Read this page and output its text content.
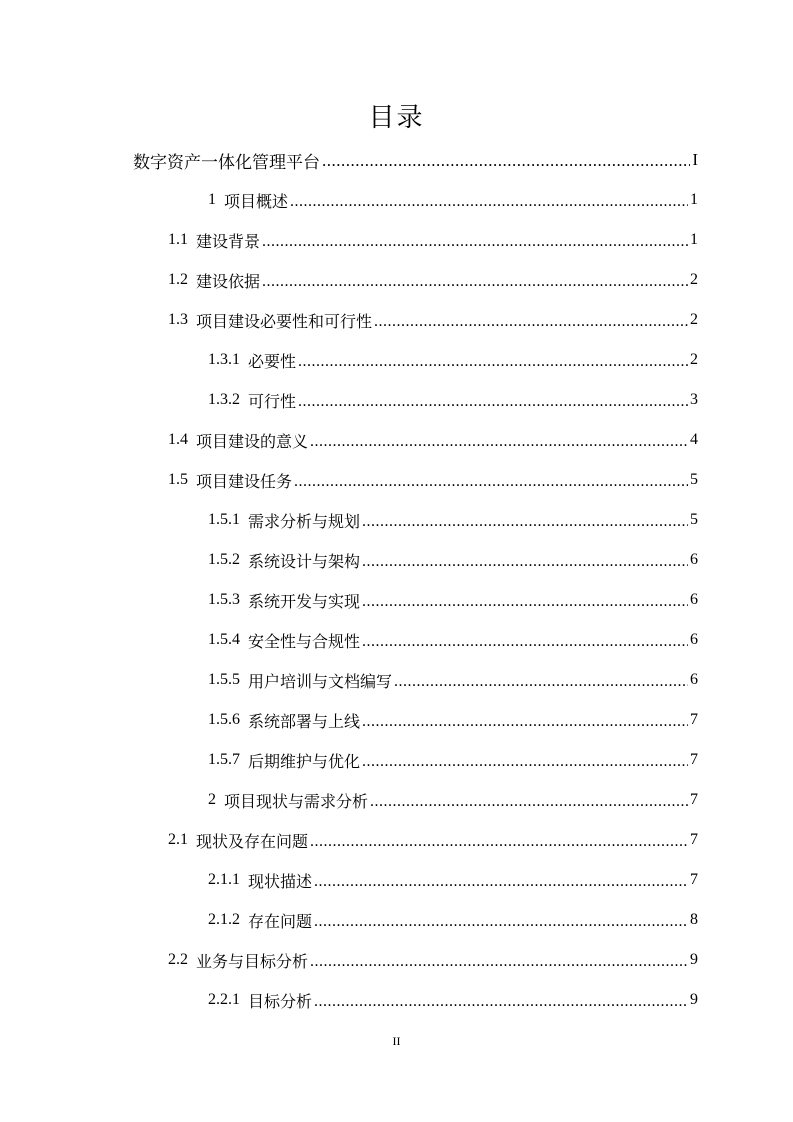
目录
数字资产一体化管理平台 .....	I
1 项目概述 .....	1
1.1 建设背景 .....	1
1.2 建设依据 .....	2
1.3 项目建设必要性和可行性 .....	2
1.3.1 必要性 .....	2
1.3.2 可行性 .....	3
1.4 项目建设的意义 .....	4
1.5 项目建设任务 .....	5
1.5.1 需求分析与规划 .....	5
1.5.2 系统设计与架构 .....	6
1.5.3 系统开发与实现 .....	6
1.5.4 安全性与合规性 .....	6
1.5.5 用户培训与文档编写 .....	6
1.5.6 系统部署与上线 .....	7
1.5.7 后期维护与优化 .....	7
2 项目现状与需求分析 .....	7
2.1 现状及存在问题 .....	7
2.1.1 现状描述 .....	7
2.1.2 存在问题 .....	8
2.2 业务与目标分析 .....	9
2.2.1 目标分析 .....	9
II
